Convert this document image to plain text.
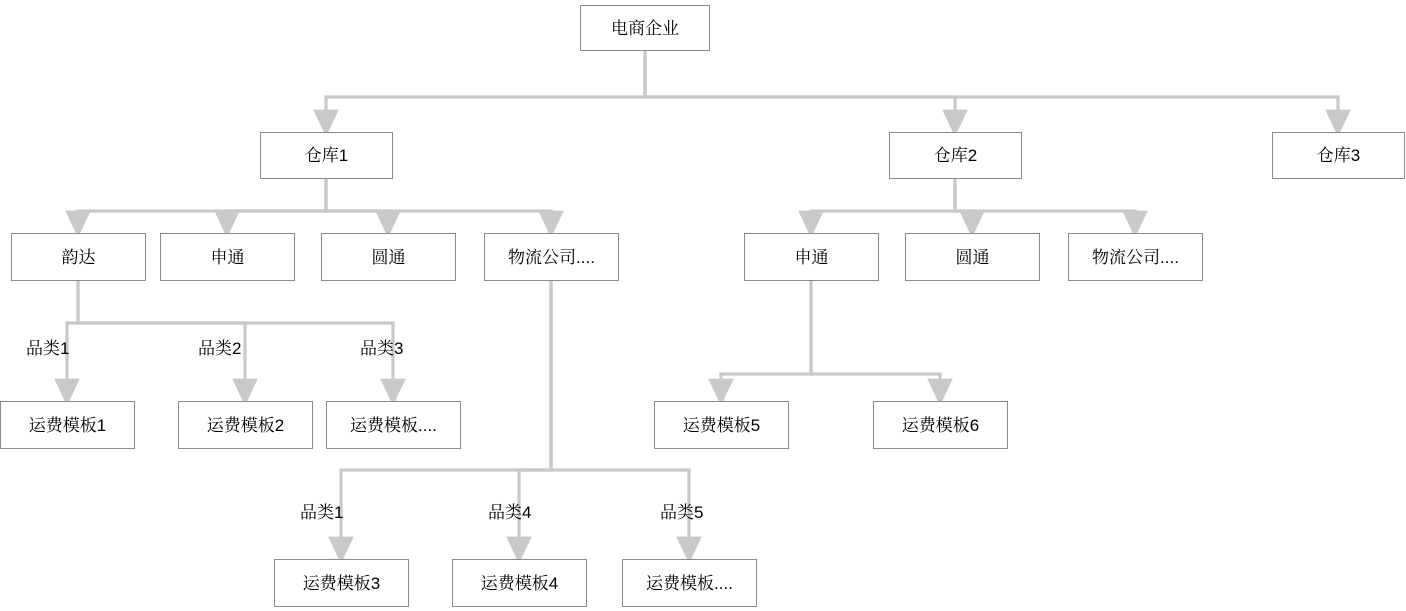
电商企业
仓库1	仓库2	仓库3
韵达	申通	圆通	物流公司....	申通	圆通	物流公司....
运费模板1	运费模板2	运费模板....	运费模板5	运费模板6
运费模板3	运费模板4	运费模板....
品类1	品类2	品类3
品类1	品类4	品类5
